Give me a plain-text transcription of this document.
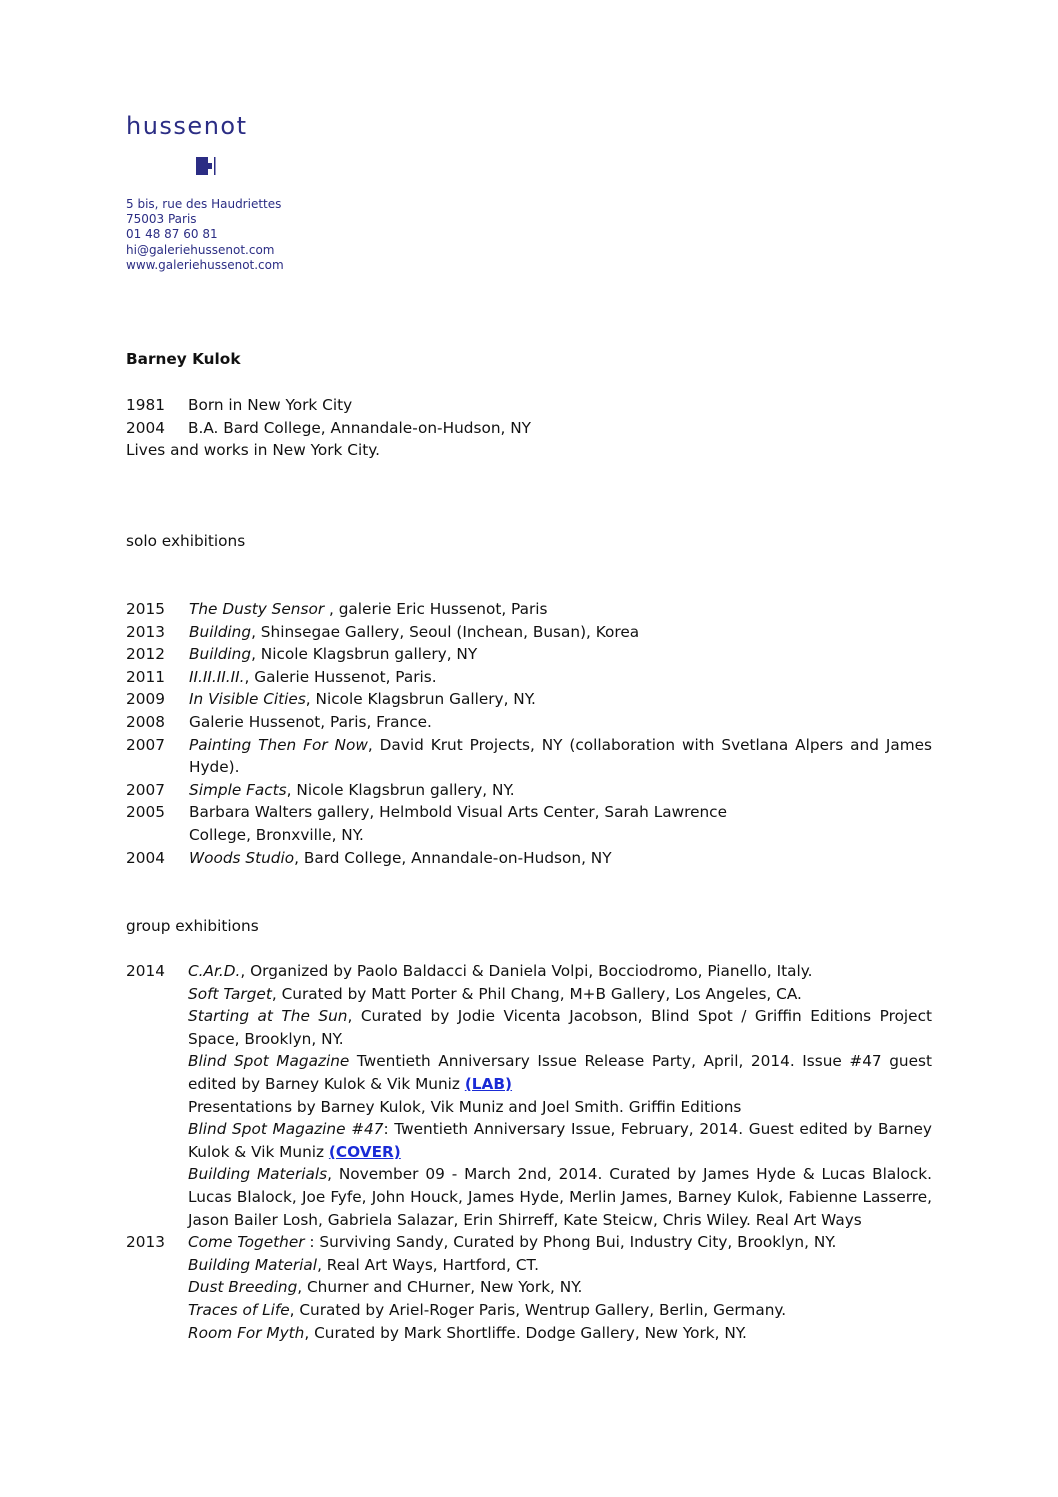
hussenot
5 bis, rue des Haudriettes
75003 Paris
01 48 87 60 81
hi@galeriehussenot.com
www.galeriehussenot.com
Barney Kulok
1981	Born in New York City
2004	B.A. Bard College, Annandale-on-Hudson, NY
Lives and works in New York City.
solo exhibitions
2015	The Dusty Sensor , galerie Eric Hussenot, Paris
2013	Building, Shinsegae Gallery, Seoul (Inchean, Busan), Korea
2012	Building, Nicole Klagsbrun gallery, NY
2011	II.II.II.II., Galerie Hussenot, Paris.
2009	In Visible Cities, Nicole Klagsbrun Gallery, NY.
2008	Galerie Hussenot, Paris, France.
2007	Painting Then For Now, David Krut Projects, NY (collaboration with Svetlana Alpers and James Hyde).
2007	Simple Facts, Nicole Klagsbrun gallery, NY.
2005	Barbara Walters gallery, Helmbold Visual Arts Center, Sarah Lawrence
College, Bronxville, NY.
2004	Woods Studio, Bard College, Annandale-on-Hudson, NY
group exhibitions
2014	C.Ar.D., Organized by Paolo Baldacci & Daniela Volpi, Bocciodromo, Pianello, Italy.
Soft Target, Curated by Matt Porter & Phil Chang, M+B Gallery, Los Angeles, CA.
Starting at The Sun, Curated by Jodie Vicenta Jacobson, Blind Spot / Griffin Editions Project Space, Brooklyn, NY.
Blind Spot Magazine Twentieth Anniversary Issue Release Party, April, 2014. Issue #47 guest edited by Barney Kulok & Vik Muniz (LAB)
Presentations by Barney Kulok, Vik Muniz and Joel Smith. Griffin Editions
Blind Spot Magazine #47: Twentieth Anniversary Issue, February, 2014. Guest edited by Barney Kulok & Vik Muniz (COVER)
Building Materials, November 09 - March 2nd, 2014. Curated by James Hyde & Lucas Blalock. Lucas Blalock, Joe Fyfe, John Houck, James Hyde, Merlin James, Barney Kulok, Fabienne Lasserre, Jason Bailer Losh, Gabriela Salazar, Erin Shirreff, Kate Steicw, Chris Wiley. Real Art Ways
2013	Come Together : Surviving Sandy, Curated by Phong Bui, Industry City, Brooklyn, NY.
Building Material, Real Art Ways, Hartford, CT.
Dust Breeding, Churner and CHurner, New York, NY.
Traces of Life, Curated by Ariel-Roger Paris, Wentrup Gallery, Berlin, Germany.
Room For Myth, Curated by Mark Shortliffe. Dodge Gallery, New York, NY.
